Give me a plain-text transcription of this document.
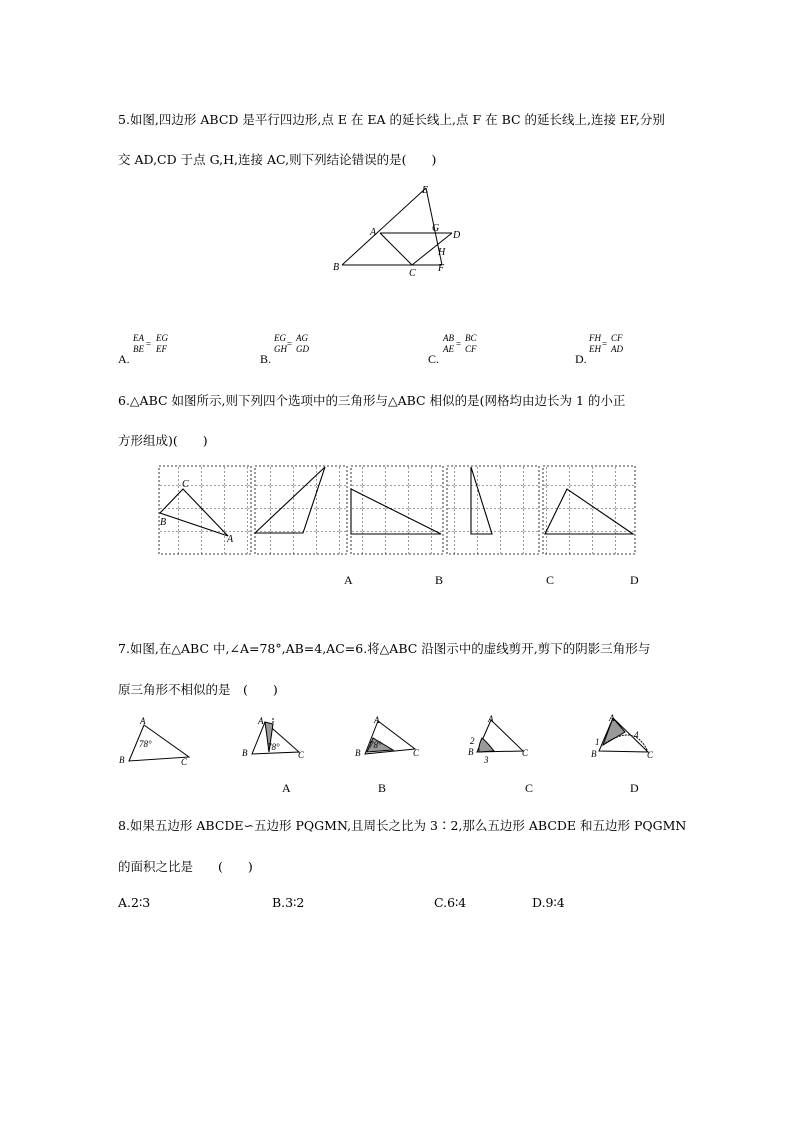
5.如图,四边形 ABCD 是平行四边形,点 E 在 EA 的延长线上,点 F 在 BC 的延长线上,连接 EF,分别
交 AD,CD 于点 G,H,连接 AC,则下列结论错误的是(　　)
E
A	G
D
H
B
C F
A.
EA
BE =
EG
EF
B.
EG
GH =
AG
GD
C.
AB
AE =
BC
CF
D.
FH
EH =
CF
AD
6.△ABC 如图所示,则下列四个选项中的三角形与△ABC 相似的是(网格均由边长为 1 的小正
方形组成)(　　)
C
B
A
A	B	C	D
7.如图,在△ABC 中,∠A=78°,AB=4,AC=6.将△ABC 沿图示中的虚线剪开,剪下的阴影三角形与
原三角形不相似的是　(　　)
A
B	C
78°
A
B	C
78°
A
B	C
78°
A
B	C
2
3
A
B	C
1
4
A	B	C	D
8.如果五边形 ABCDE∽五边形 PQGMN,且周长之比为 3∶2,那么五边形 ABCDE 和五边形 PQGMN
的面积之比是　　(　　)
A.2∶3	B.3∶2	C.6∶4	D.9∶4
